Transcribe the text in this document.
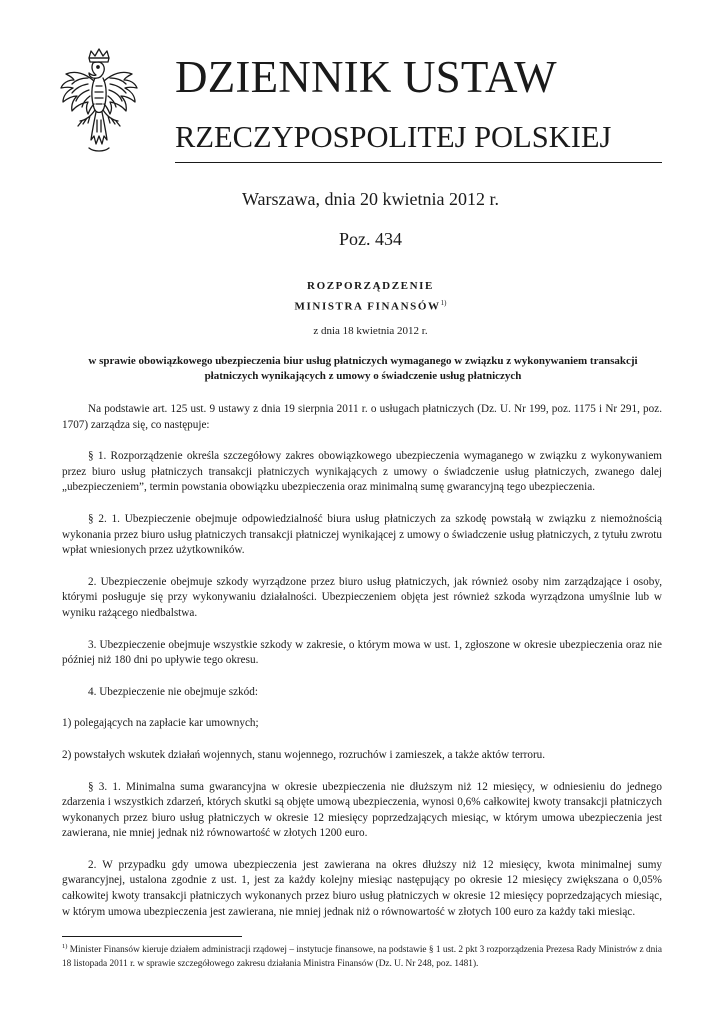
DZIENNIK USTAW
RZECZYPOSPOLITEJ POLSKIEJ
Warszawa, dnia 20 kwietnia 2012 r.
Poz. 434
ROZPORZĄDZENIE
MINISTRA FINANSÓW$^{1)}$
z dnia 18 kwietnia 2012 r.
w sprawie obowiązkowego ubezpieczenia biur usług płatniczych wymaganego w związku z wykonywaniem transakcji płatniczych wynikających z umowy o świadczenie usług płatniczych

Na podstawie art. 125 ust. 9 ustawy z dnia 19 sierpnia 2011 r. o usługach płatniczych (Dz. U. Nr 199, poz. 1175 i Nr 291, poz. 1707) zarządza się, co następuje:

§ 1. Rozporządzenie określa szczegółowy zakres obowiązkowego ubezpieczenia wymaganego w związku z wykonywaniem przez biuro usług płatniczych transakcji płatniczych wynikających z umowy o świadczenie usług płatniczych, zwanego dalej „ubezpieczeniem”, termin powstania obowiązku ubezpieczenia oraz minimalną sumę gwarancyjną tego ubezpieczenia.

§ 2. 1. Ubezpieczenie obejmuje odpowiedzialność biura usług płatniczych za szkodę powstałą w związku z niemożnością wykonania przez biuro usług płatniczych transakcji płatniczej wynikającej z umowy o świadczenie usług płatniczych, z tytułu zwrotu wpłat wniesionych przez użytkowników.

2. Ubezpieczenie obejmuje szkody wyrządzone przez biuro usług płatniczych, jak również osoby nim zarządzające i osoby, którymi posługuje się przy wykonywaniu działalności. Ubezpieczeniem objęta jest również szkoda wyrządzona umyślnie lub w wyniku rażącego niedbalstwa.

3. Ubezpieczenie obejmuje wszystkie szkody w zakresie, o którym mowa w ust. 1, zgłoszone w okresie ubezpieczenia oraz nie później niż 180 dni po upływie tego okresu.

4. Ubezpieczenie nie obejmuje szkód:

1) polegających na zapłacie kar umownych;

2) powstałych wskutek działań wojennych, stanu wojennego, rozruchów i zamieszek, a także aktów terroru.

§ 3. 1. Minimalna suma gwarancyjna w okresie ubezpieczenia nie dłuższym niż 12 miesięcy, w odniesieniu do jednego zdarzenia i wszystkich zdarzeń, których skutki są objęte umową ubezpieczenia, wynosi 0,6% całkowitej kwoty transakcji płatniczych wykonanych przez biuro usług płatniczych w okresie 12 miesięcy poprzedzających miesiąc, w którym umowa ubezpieczenia jest zawierana, nie mniej jednak niż równowartość w złotych 1200 euro.

2. W przypadku gdy umowa ubezpieczenia jest zawierana na okres dłuższy niż 12 miesięcy, kwota minimalnej sumy gwarancyjnej, ustalona zgodnie z ust. 1, jest za każdy kolejny miesiąc następujący po okresie 12 miesięcy zwiększana o 0,05% całkowitej kwoty transakcji płatniczych wykonanych przez biuro usług płatniczych w okresie 12 miesięcy poprzedzających miesiąc, w którym umowa ubezpieczenia jest zawierana, nie mniej jednak niż o równowartość w złotych 100 euro za każdy taki miesiąc.

$^{1)}$ Minister Finansów kieruje działem administracji rządowej – instytucje finansowe, na podstawie § 1 ust. 2 pkt 3 rozporządzenia Prezesa Rady Ministrów z dnia 18 listopada 2011 r. w sprawie szczegółowego zakresu działania Ministra Finansów (Dz. U. Nr 248, poz. 1481).
